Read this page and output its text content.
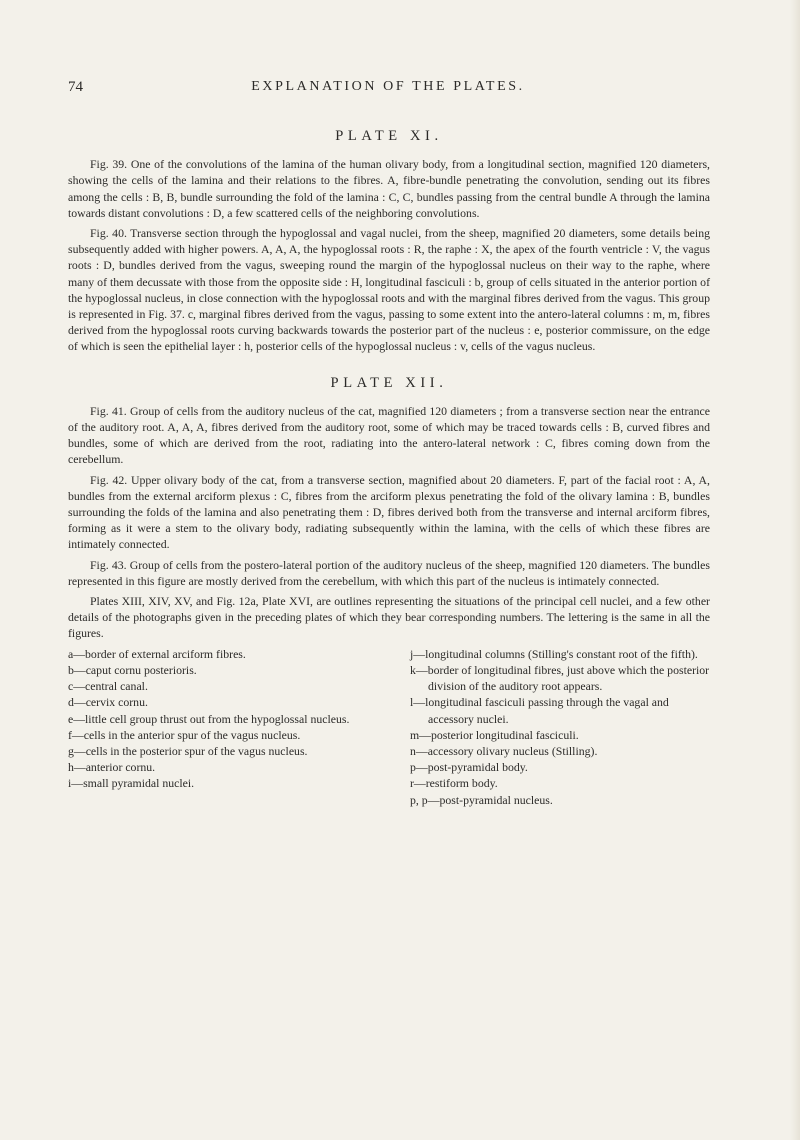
74	EXPLANATION OF THE PLATES.
PLATE XI.

Fig. 39. One of the convolutions of the lamina of the human olivary body, from a longitudinal section, magnified 120 diameters, showing the cells of the lamina and their relations to the fibres. A, fibre-bundle penetrating the convolution, sending out its fibres among the cells : B, B, bundle surrounding the fold of the lamina : C, C, bundles passing from the central bundle A through the lamina towards distant convolutions : D, a few scattered cells of the neighboring convolutions.

Fig. 40. Transverse section through the hypoglossal and vagal nuclei, from the sheep, magnified 20 diameters, some details being subsequently added with higher powers. A, A, A, the hypoglossal roots : R, the raphe : X, the apex of the fourth ventricle : V, the vagus roots : D, bundles derived from the vagus, sweeping round the margin of the hypoglossal nucleus on their way to the raphe, where many of them decussate with those from the opposite side : H, longitudinal fasciculi : b, group of cells situated in the anterior portion of the hypoglossal nucleus, in close connection with the hypoglossal roots and with the marginal fibres derived from the vagus. This group is represented in Fig. 37. c, marginal fibres derived from the vagus, passing to some extent into the antero-lateral columns : m, m, fibres derived from the hypoglossal roots curving backwards towards the posterior part of the nucleus : e, posterior commissure, on the edge of which is seen the epithelial layer : h, posterior cells of the hypoglossal nucleus : v, cells of the vagus nucleus.

PLATE XII.

Fig. 41. Group of cells from the auditory nucleus of the cat, magnified 120 diameters ; from a transverse section near the entrance of the auditory root. A, A, A, fibres derived from the auditory root, some of which may be traced towards cells : B, curved fibres and bundles, some of which are derived from the root, radiating into the antero-lateral network : C, fibres coming down from the cerebellum.

Fig. 42. Upper olivary body of the cat, from a transverse section, magnified about 20 diameters. F, part of the facial root : A, A, bundles from the external arciform plexus : C, fibres from the arciform plexus penetrating the fold of the olivary lamina : B, bundles surrounding the folds of the lamina and also penetrating them : D, fibres derived both from the transverse and internal arciform fibres, forming as it were a stem to the olivary body, radiating subsequently within the lamina, with the cells of which these fibres are intimately connected.

Fig. 43. Group of cells from the postero-lateral portion of the auditory nucleus of the sheep, magnified 120 diameters. The bundles represented in this figure are mostly derived from the cerebellum, with which this part of the nucleus is intimately connected.

Plates XIII, XIV, XV, and Fig. 12a, Plate XVI, are outlines representing the situations of the principal cell nuclei, and a few other details of the photographs given in the preceding plates of which they bear corresponding numbers. The lettering is the same in all the figures.

a—border of external arciform fibres.

b—caput cornu posterioris.

c—central canal.

d—cervix cornu.

e—little cell group thrust out from the hypoglossal nucleus.

f—cells in the anterior spur of the vagus nucleus.

g—cells in the posterior spur of the vagus nucleus.

h—anterior cornu.

i—small pyramidal nuclei.

j—longitudinal columns (Stilling's constant root of the fifth).

k—border of longitudinal fibres, just above which the posterior division of the auditory root appears.

l—longitudinal fasciculi passing through the vagal and accessory nuclei.

m—posterior longitudinal fasciculi.

n—accessory olivary nucleus (Stilling).

p—post-pyramidal body.

r—restiform body.

p, p—post-pyramidal nucleus.
